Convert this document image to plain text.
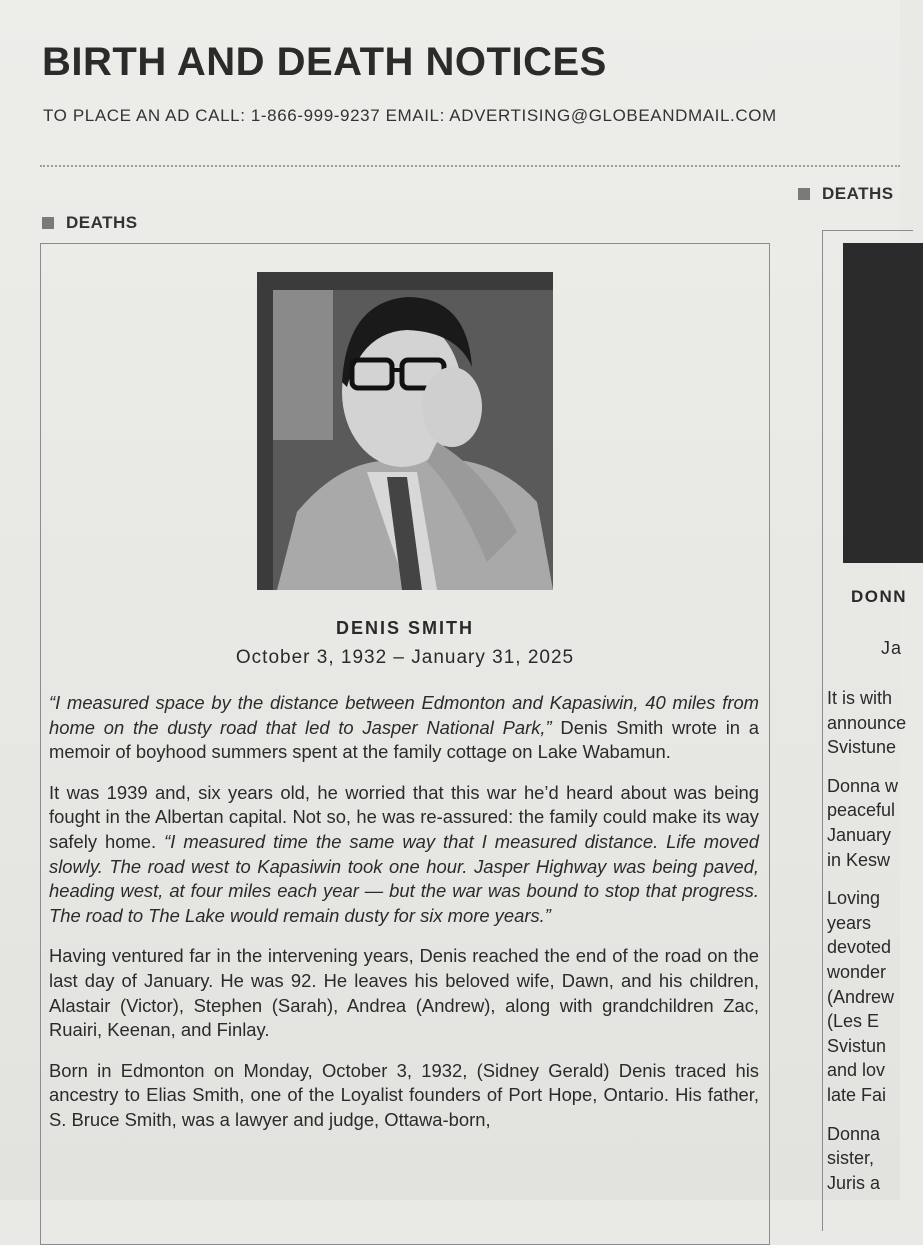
BIRTH AND DEATH NOTICES
TO PLACE AN AD CALL: 1-866-999-9237 EMAIL: ADVERTISING@GLOBEANDMAIL.COM
DEATHS
DENIS SMITH
October 3, 1932 – January 31, 2025

“I measured space by the distance between Edmonton and Kapasiwin, 40 miles from home on the dusty road that led to Jasper National Park,” Denis Smith wrote in a memoir of boyhood summers spent at the family cottage on Lake Wabamun.

It was 1939 and, six years old, he worried that this war he’d heard about was being fought in the Albertan capital. Not so, he was re-assured: the family could make its way safely home. “I measured time the same way that I measured distance. Life moved slowly. The road west to Kapasiwin took one hour. Jasper Highway was being paved, heading west, at four miles each year — but the war was bound to stop that progress. The road to The Lake would remain dusty for six more years.”

Having ventured far in the intervening years, Denis reached the end of the road on the last day of January. He was 92. He leaves his beloved wife, Dawn, and his children, Alastair (Victor), Stephen (Sarah), Andrea (Andrew), along with grandchildren Zac, Ruairi, Keenan, and Finlay.

Born in Edmonton on Monday, October 3, 1932, (Sidney Gerald) Denis traced his ancestry to Elias Smith, one of the Loyalist founders of Port Hope, Ontario. His father, S. Bruce Smith, was a lawyer and judge, Ottawa-born,

DEATHS
DONN
Ja

It is with
announce
Svistune

Donna w
peaceful
January
in Kesw

Loving
years
devoted
wonder
(Andrew
(Les E
Svistun
and lov
late Fai

Donna
sister,
Juris a
